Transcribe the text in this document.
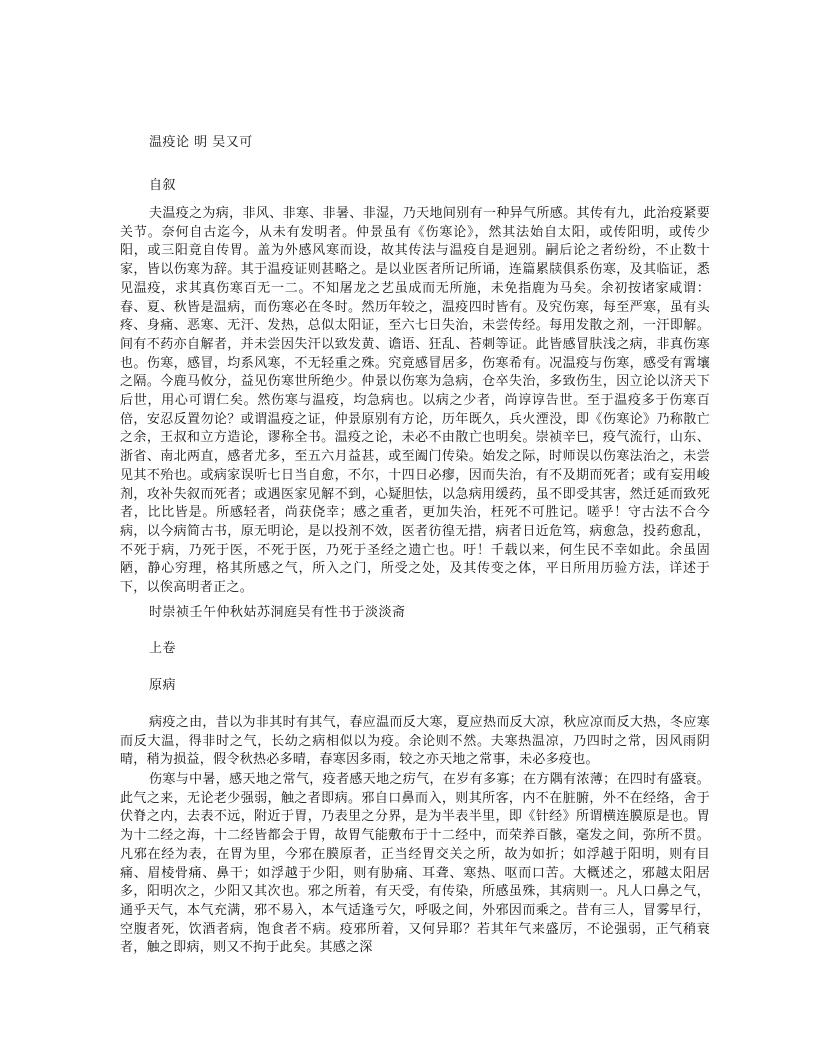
温疫论 明 吴又可
自叙
夫温疫之为病，非风、非寒、非暑、非湿，乃天地间别有一种异气所感。其传有九，此治疫紧要关节。奈何自古迄今，从未有发明者。仲景虽有《伤寒论》，然其法始自太阳，或传阳明，或传少阳，或三阳竟自传胃。盖为外感风寒而设，故其传法与温疫自是迥别。嗣后论之者纷纷，不止数十家，皆以伤寒为辞。其于温疫证则甚略之。是以业医者所记所诵，连篇累牍俱系伤寒，及其临证，悉见温疫，求其真伤寒百无一二。不知屠龙之艺虽成而无所施，未免指鹿为马矣。余初按诸家咸谓：春、夏、秋皆是温病，而伤寒必在冬时。然历年较之，温疫四时皆有。及究伤寒，每至严寒，虽有头疼、身痛、恶寒、无汗、发热，总似太阳证，至六七日失治，未尝传经。每用发散之剂，一汗即解。间有不药亦自解者，并未尝因失汗以致发黄、谵语、狂乱、苔刺等证。此皆感冒肤浅之病，非真伤寒也。伤寒，感冒，均系风寒，不无轻重之殊。究竟感冒居多，伤寒希有。况温疫与伤寒，感受有霄壤之隔。今鹿马攸分，益见伤寒世所绝少。仲景以伤寒为急病，仓卒失治，多致伤生，因立论以济天下后世，用心可谓仁矣。然伤寒与温疫，均急病也。以病之少者，尚谆谆告世。至于温疫多于伤寒百倍，安忍反置勿论？或谓温疫之证，仲景原别有方论，历年既久，兵火湮没，即《伤寒论》乃称散亡之余，王叔和立方造论，谬称全书。温疫之论，未必不由散亡也明矣。崇祯辛巳，疫气流行，山东、浙省、南北两直，感者尤多，至五六月益甚，或至阖门传染。始发之际，时师误以伤寒法治之，未尝见其不殆也。或病家误听七日当自愈，不尔，十四日必瘳，因而失治，有不及期而死者；或有妄用峻剂，攻补失叙而死者；或遇医家见解不到，心疑胆怯，以急病用缓药，虽不即受其害，然迁延而致死者，比比皆是。所感轻者，尚获侥幸；感之重者，更加失治，枉死不可胜记。嗟乎！守古法不合今病，以今病简古书，原无明论，是以投剂不效，医者彷徨无措，病者日近危笃，病愈急，投药愈乱，不死于病，乃死于医，不死于医，乃死于圣经之遗亡也。吁！千载以来，何生民不幸如此。余虽固陋，静心穷理，格其所感之气，所入之门，所受之处，及其传变之体，平日所用历验方法，详述于下，以俟高明者正之。
时崇祯壬午仲秋姑苏洞庭吴有性书于淡淡斋
上卷
原病
病疫之由，昔以为非其时有其气，春应温而反大寒，夏应热而反大凉，秋应凉而反大热，冬应寒而反大温，得非时之气，长幼之病相似以为疫。余论则不然。夫寒热温凉，乃四时之常，因风雨阴晴，稍为损益，假令秋热必多晴，春寒因多雨，较之亦天地之常事，未必多疫也。
伤寒与中暑，感天地之常气，疫者感天地之疠气，在岁有多寡；在方隅有浓薄；在四时有盛衰。此气之来，无论老少强弱，触之者即病。邪自口鼻而入，则其所客，内不在脏腑，外不在经络，舍于伏脊之内，去表不远，附近于胃，乃表里之分界，是为半表半里，即《针经》所谓横连膜原是也。胃为十二经之海，十二经皆都会于胃，故胃气能敷布于十二经中，而荣养百骸，毫发之间，弥所不贯。凡邪在经为表，在胃为里，今邪在膜原者，正当经胃交关之所，故为如折；如浮越于阳明，则有目痛、眉棱骨痛、鼻干；如浮越于少阳，则有胁痛、耳聋、寒热、呕而口苦。大概述之，邪越太阳居多，阳明次之，少阳又其次也。邪之所着，有天受，有传染，所感虽殊，其病则一。凡人口鼻之气，通乎天气，本气充满，邪不易入，本气适逢亏欠，呼吸之间，外邪因而乘之。昔有三人，冒雾早行，空腹者死，饮酒者病，饱食者不病。疫邪所着，又何异耶？若其年气来盛厉，不论强弱，正气稍衰者，触之即病，则又不拘于此矣。其感之深
